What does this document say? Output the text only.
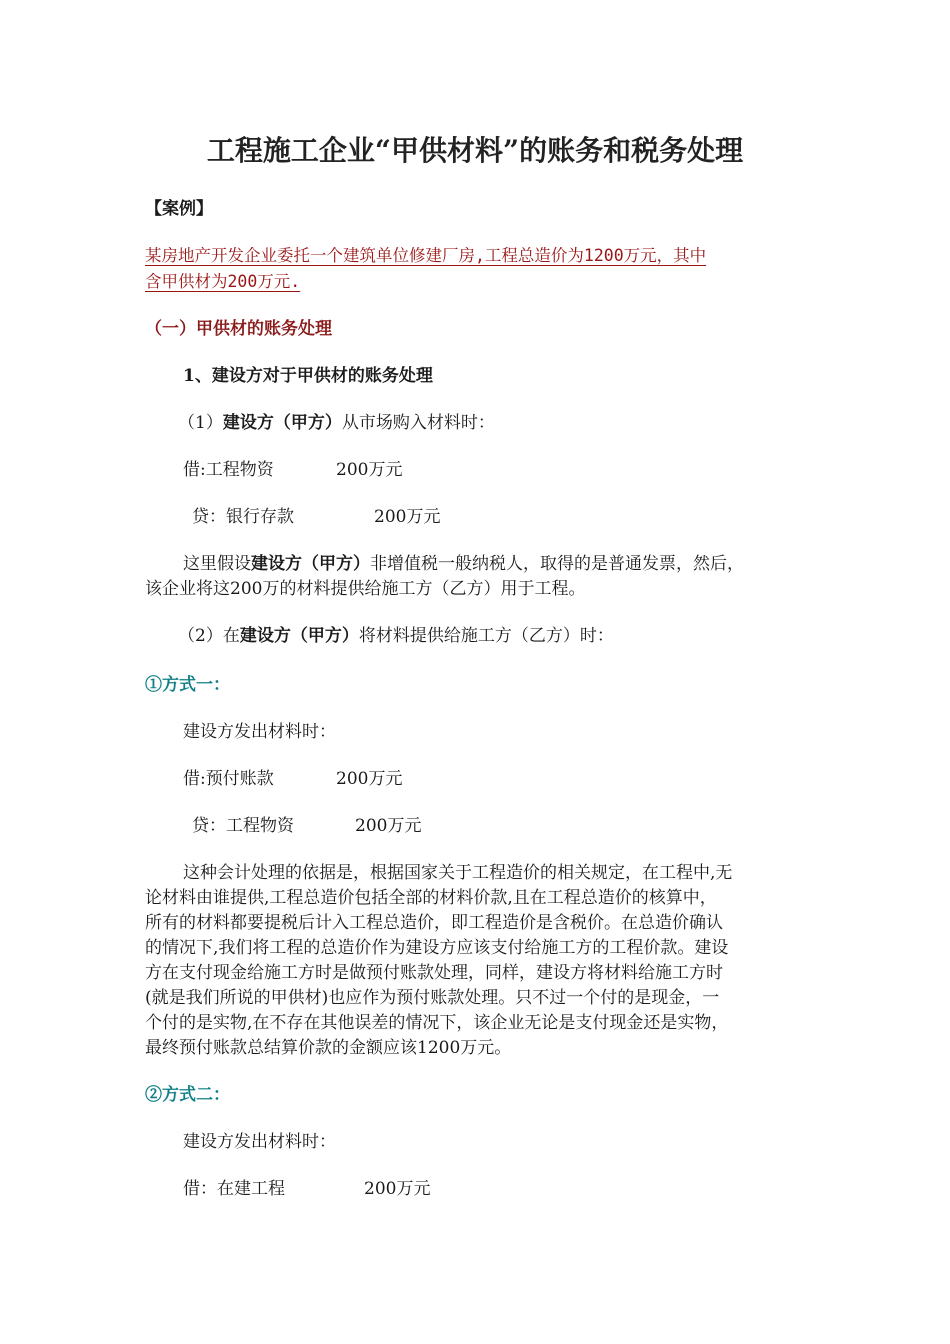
工程施工企业“甲供材料”的账务和税务处理
【案例】
某房地产开发企业委托一个建筑单位修建厂房,工程总造价为1200万元，其中
含甲供材为200万元.
（一）甲供材的账务处理
1、建设方对于甲供材的账务处理
（1）建设方（甲方）从市场购入材料时：
借:工程物资	200万元
贷：银行存款	200万元
这里假设建设方（甲方）非增值税一般纳税人，取得的是普通发票，然后，
该企业将这200万的材料提供给施工方（乙方）用于工程。
（2）在建设方（甲方）将材料提供给施工方（乙方）时：
①方式一：
建设方发出材料时：
借:预付账款	200万元
贷：工程物资	200万元
这种会计处理的依据是，根据国家关于工程造价的相关规定，在工程中,无
论材料由谁提供,工程总造价包括全部的材料价款,且在工程总造价的核算中，
所有的材料都要提税后计入工程总造价，即工程造价是含税价。在总造价确认
的情况下,我们将工程的总造价作为建设方应该支付给施工方的工程价款。建设
方在支付现金给施工方时是做预付账款处理，同样，建设方将材料给施工方时
(就是我们所说的甲供材)也应作为预付账款处理。只不过一个付的是现金，一
个付的是实物,在不存在其他误差的情况下，该企业无论是支付现金还是实物，
最终预付账款总结算价款的金额应该1200万元。
②方式二：
建设方发出材料时：
借：在建工程	200万元
